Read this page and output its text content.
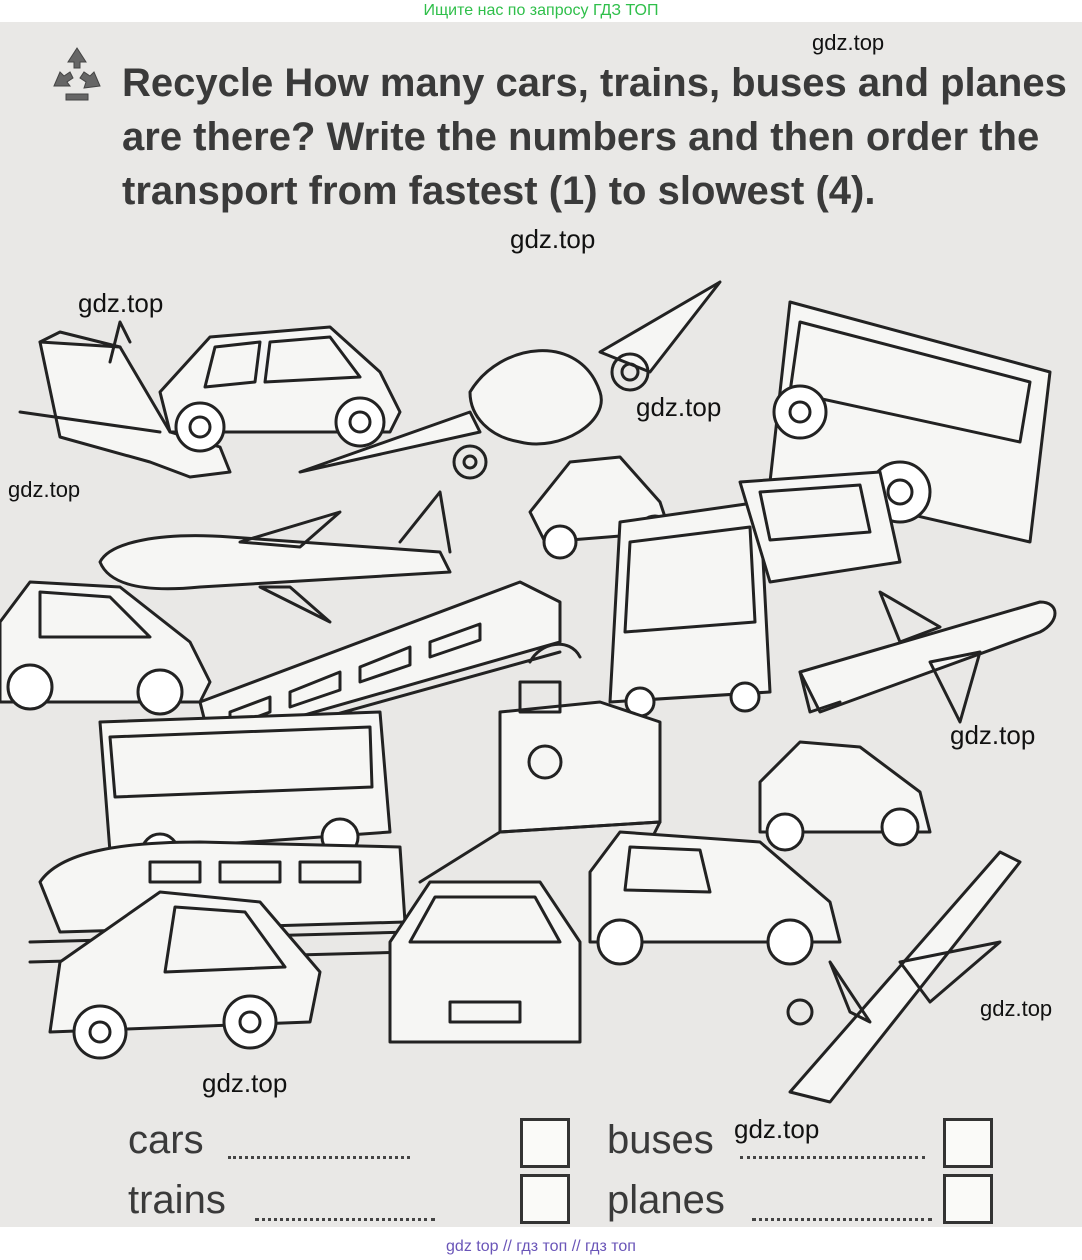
Ищите нас по запросу ГДЗ ТОП
Recycle How many cars, trains, buses and planes are there? Write the numbers and then order the transport from fastest (1) to slowest (4).
gdz.top
gdz.top
gdz.top
gdz.top
gdz.top
gdz.top
gdz.top
gdz.top
gdz.top
cars	buses
trains	planes
gdz top // гдз топ // гдз топ
